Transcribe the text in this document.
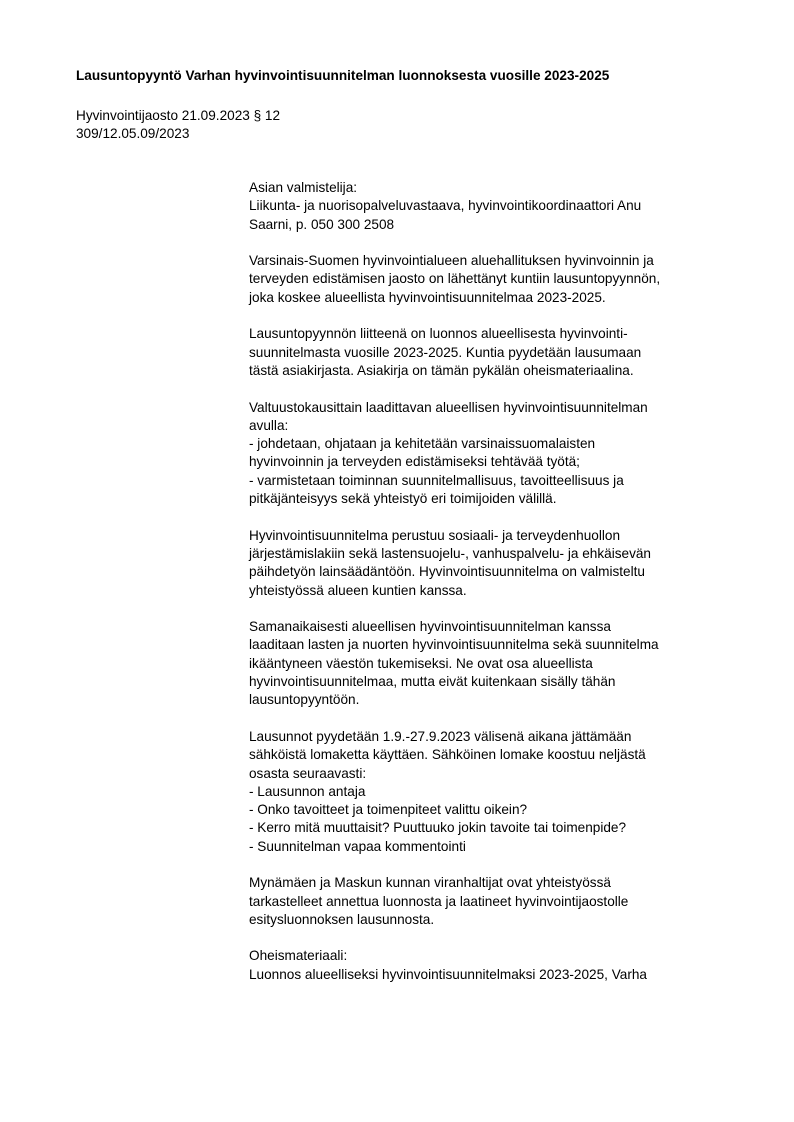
Lausuntopyyntö Varhan hyvinvointisuunnitelman luonnoksesta vuosille 2023-2025
Hyvinvointijaosto 21.09.2023 § 12
309/12.05.09/2023
Asian valmistelija:
Liikunta- ja nuorisopalveluvastaava, hyvinvointikoordinaattori Anu
Saarni, p. 050 300 2508
Varsinais-Suomen hyvinvointialueen aluehallituksen hyvinvoinnin ja
terveyden edistämisen jaosto on lähettänyt kuntiin lausuntopyynnön,
joka koskee alueellista hyvinvointisuunnitelmaa 2023-2025.
Lausuntopyynnön liitteenä on luonnos alueellisesta hyvinvointi-
suunnitelmasta vuosille 2023-2025. Kuntia pyydetään lausumaan
tästä asiakirjasta. Asiakirja on tämän pykälän oheismateriaalina.
Valtuustokausittain laadittavan alueellisen hyvinvointisuunnitelman
avulla:
- johdetaan, ohjataan ja kehitetään varsinaissuomalaisten
hyvinvoinnin ja terveyden edistämiseksi tehtävää työtä;
- varmistetaan toiminnan suunnitelmallisuus, tavoitteellisuus ja
pitkäjänteisyys sekä yhteistyö eri toimijoiden välillä.
Hyvinvointisuunnitelma perustuu sosiaali- ja terveydenhuollon
järjestämislakiin sekä lastensuojelu-, vanhuspalvelu- ja ehkäisevän
päihdetyön lainsäädäntöön. Hyvinvointisuunnitelma on valmisteltu
yhteistyössä alueen kuntien kanssa.
Samanaikaisesti alueellisen hyvinvointisuunnitelman kanssa
laaditaan lasten ja nuorten hyvinvointisuunnitelma sekä suunnitelma
ikääntyneen väestön tukemiseksi. Ne ovat osa alueellista
hyvinvointisuunnitelmaa, mutta eivät kuitenkaan sisälly tähän
lausuntopyyntöön.
Lausunnot pyydetään 1.9.-27.9.2023 välisenä aikana jättämään
sähköistä lomaketta käyttäen. Sähköinen lomake koostuu neljästä
osasta seuraavasti:
- Lausunnon antaja
- Onko tavoitteet ja toimenpiteet valittu oikein?
- Kerro mitä muuttaisit? Puuttuuko jokin tavoite tai toimenpide?
- Suunnitelman vapaa kommentointi
Mynämäen ja Maskun kunnan viranhaltijat ovat yhteistyössä
tarkastelleet annettua luonnosta ja laatineet hyvinvointijaostolle
esitysluonnoksen lausunnosta.
Oheismateriaali:
Luonnos alueelliseksi hyvinvointisuunnitelmaksi 2023-2025, Varha
